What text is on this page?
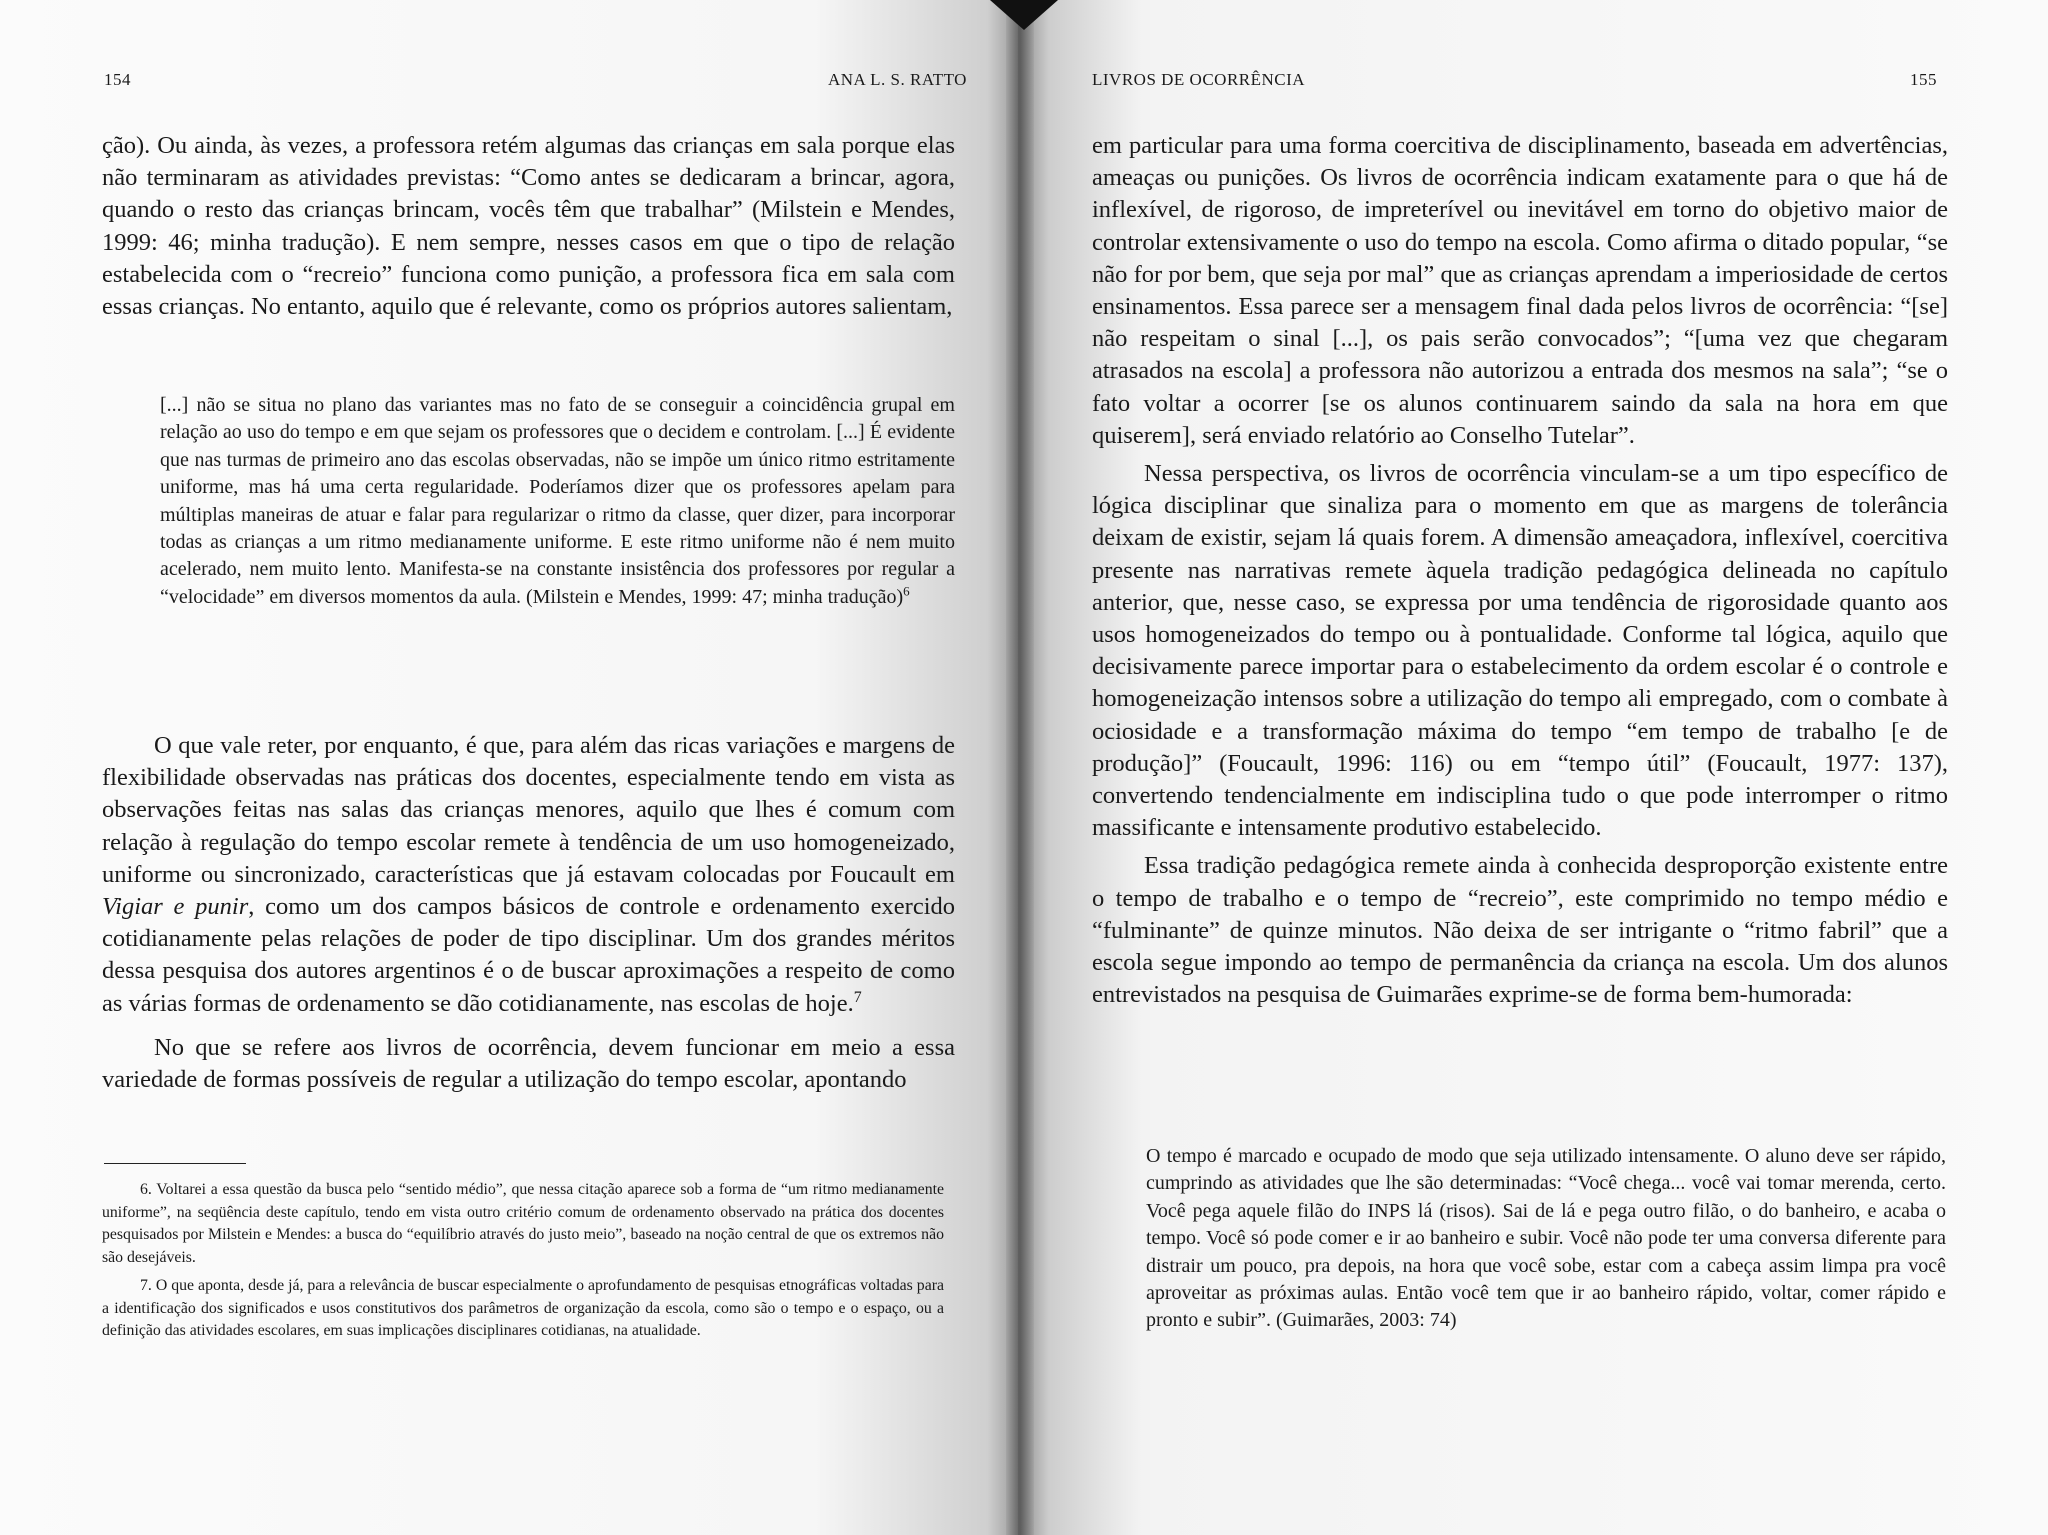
154	ANA L. S. RATTO

ção). Ou ainda, às vezes, a professora retém algumas das crianças em sala porque elas não terminaram as atividades previstas: “Como antes se dedicaram a brincar, agora, quando o resto das crianças brincam, vocês têm que trabalhar” (Milstein e Mendes, 1999: 46; minha tradução). E nem sempre, nesses casos em que o tipo de relação estabelecida com o “recreio” funciona como punição, a professora fica em sala com essas crianças. No entanto, aquilo que é relevante, como os próprios autores salientam,

[...] não se situa no plano das variantes mas no fato de se conseguir a coincidência grupal em relação ao uso do tempo e em que sejam os professores que o decidem e controlam. [...] É evidente que nas turmas de primeiro ano das escolas observadas, não se impõe um único ritmo estritamente uniforme, mas há uma certa regularidade. Poderíamos dizer que os professores apelam para múltiplas maneiras de atuar e falar para regularizar o ritmo da classe, quer dizer, para incorporar todas as crianças a um ritmo medianamente uniforme. E este ritmo uniforme não é nem muito acelerado, nem muito lento. Manifesta-se na constante insistência dos professores por regular a “velocidade” em diversos momentos da aula. (Milstein e Mendes, 1999: 47; minha tradução)$^6$

O que vale reter, por enquanto, é que, para além das ricas variações e margens de flexibilidade observadas nas práticas dos docentes, especialmente tendo em vista as observações feitas nas salas das crianças menores, aquilo que lhes é comum com relação à regulação do tempo escolar remete à tendência de um uso homogeneizado, uniforme ou sincronizado, características que já estavam colocadas por Foucault em Vigiar e punir, como um dos campos básicos de controle e ordenamento exercido cotidianamente pelas relações de poder de tipo disciplinar. Um dos grandes méritos dessa pesquisa dos autores argentinos é o de buscar aproximações a respeito de como as várias formas de ordenamento se dão cotidianamente, nas escolas de hoje.$^7$

No que se refere aos livros de ocorrência, devem funcionar em meio a essa variedade de formas possíveis de regular a utilização do tempo escolar, apontando

6. Voltarei a essa questão da busca pelo “sentido médio”, que nessa citação aparece sob a forma de “um ritmo medianamente uniforme”, na seqüência deste capítulo, tendo em vista outro critério comum de ordenamento observado na prática dos docentes pesquisados por Milstein e Mendes: a busca do “equilíbrio através do justo meio”, baseado na noção central de que os extremos não são desejáveis.

7. O que aponta, desde já, para a relevância de buscar especialmente o aprofundamento de pesquisas etnográficas voltadas para a identificação dos significados e usos constitutivos dos parâmetros de organização da escola, como são o tempo e o espaço, ou a definição das atividades escolares, em suas implicações disciplinares cotidianas, na atualidade.

LIVROS DE OCORRÊNCIA	155

em particular para uma forma coercitiva de disciplinamento, baseada em advertências, ameaças ou punições. Os livros de ocorrência indicam exatamente para o que há de inflexível, de rigoroso, de impreterível ou inevitável em torno do objetivo maior de controlar extensivamente o uso do tempo na escola. Como afirma o ditado popular, “se não for por bem, que seja por mal” que as crianças aprendam a imperiosidade de certos ensinamentos. Essa parece ser a mensagem final dada pelos livros de ocorrência: “[se] não respeitam o sinal [...], os pais serão convocados”; “[uma vez que chegaram atrasados na escola] a professora não autorizou a entrada dos mesmos na sala”; “se o fato voltar a ocorrer [se os alunos continuarem saindo da sala na hora em que quiserem], será enviado relatório ao Conselho Tutelar”.

Nessa perspectiva, os livros de ocorrência vinculam-se a um tipo específico de lógica disciplinar que sinaliza para o momento em que as margens de tolerância deixam de existir, sejam lá quais forem. A dimensão ameaçadora, inflexível, coercitiva presente nas narrativas remete àquela tradição pedagógica delineada no capítulo anterior, que, nesse caso, se expressa por uma tendência de rigorosidade quanto aos usos homogeneizados do tempo ou à pontualidade. Conforme tal lógica, aquilo que decisivamente parece importar para o estabelecimento da ordem escolar é o controle e homogeneização intensos sobre a utilização do tempo ali empregado, com o combate à ociosidade e a transformação máxima do tempo “em tempo de trabalho [e de produção]” (Foucault, 1996: 116) ou em “tempo útil” (Foucault, 1977: 137), convertendo tendencialmente em indisciplina tudo o que pode interromper o ritmo massificante e intensamente produtivo estabelecido.

Essa tradição pedagógica remete ainda à conhecida desproporção existente entre o tempo de trabalho e o tempo de “recreio”, este comprimido no tempo médio e “fulminante” de quinze minutos. Não deixa de ser intrigante o “ritmo fabril” que a escola segue impondo ao tempo de permanência da criança na escola. Um dos alunos entrevistados na pesquisa de Guimarães exprime-se de forma bem-humorada:

O tempo é marcado e ocupado de modo que seja utilizado intensamente. O aluno deve ser rápido, cumprindo as atividades que lhe são determinadas: “Você chega... você vai tomar merenda, certo. Você pega aquele filão do INPS lá (risos). Sai de lá e pega outro filão, o do banheiro, e acaba o tempo. Você só pode comer e ir ao banheiro e subir. Você não pode ter uma conversa diferente para distrair um pouco, pra depois, na hora que você sobe, estar com a cabeça assim limpa pra você aproveitar as próximas aulas. Então você tem que ir ao banheiro rápido, voltar, comer rápido e pronto e subir”. (Guimarães, 2003: 74)
